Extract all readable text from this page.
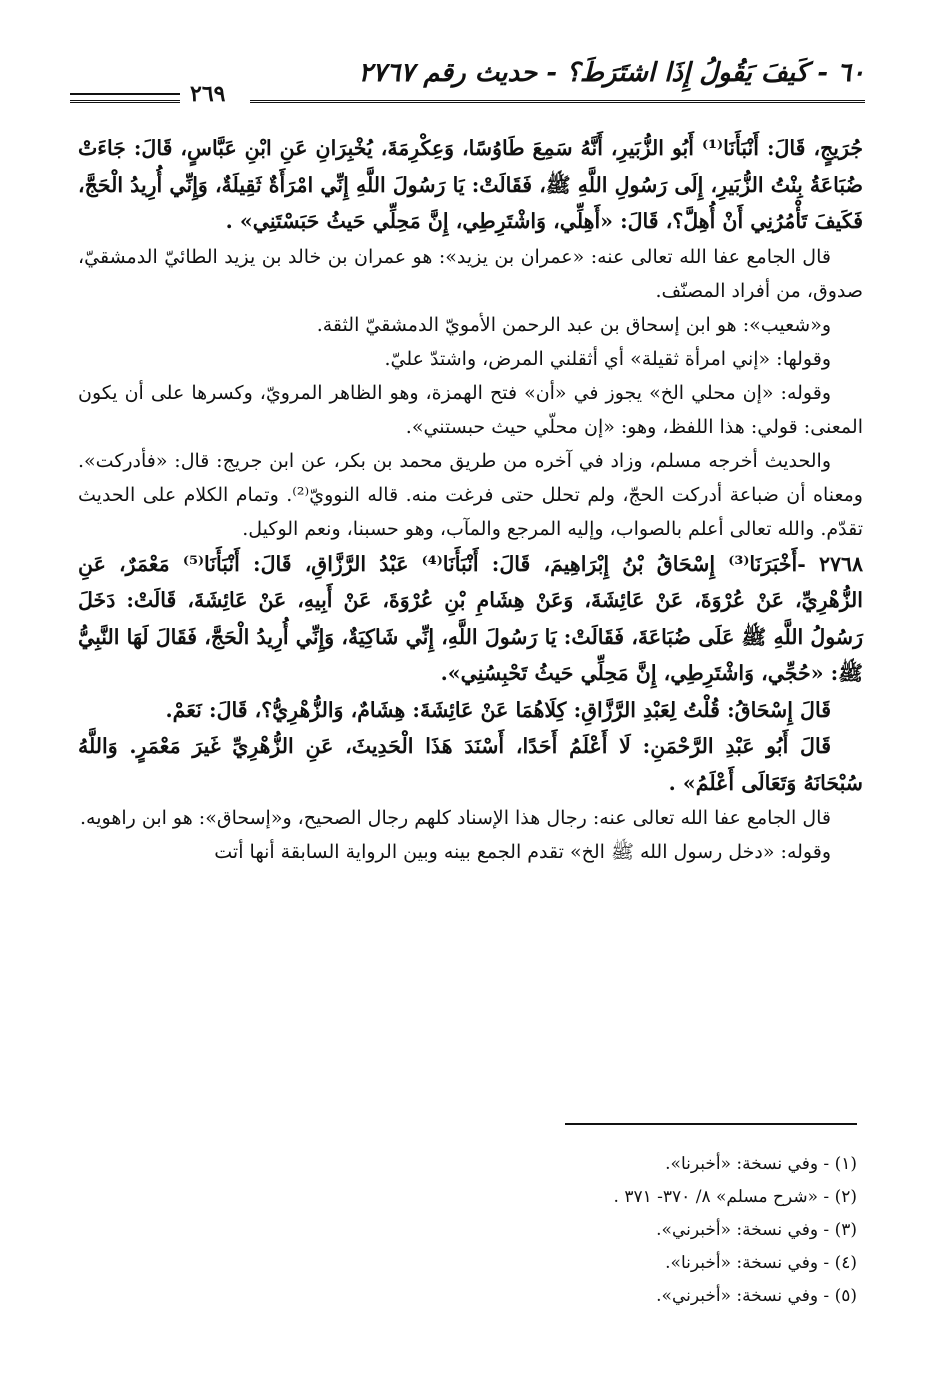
٦٠ - كَيفَ يَقُولُ إِذَا اشتَرَطَ؟ - حديث رقم ٢٧٦٧
٢٦٩

جُرَيجٍ، قَالَ: أَنْبَأَنَا⁽¹⁾ أَبُو الزُّبَيرِ، أَنَّهُ سَمِعَ طَاوُسًا، وَعِكْرِمَةَ، يُخْبِرَانِ عَنِ ابْنِ عَبَّاسٍ، قَالَ: جَاءَتْ ضُبَاعَةُ بِنْتُ الزُّبَيرِ، إِلَى رَسُولِ اللَّهِ ﷺ، فَقَالَتْ: يَا رَسُولَ اللَّهِ إِنِّي امْرَأَةٌ ثَقِيلَةٌ، وَإِنِّي أُرِيدُ الْحَجَّ، فَكَيفَ تَأْمُرُنِي أَنْ أُهِلَّ؟، قَالَ: «أَهِلِّي، وَاشْتَرِطِي، إِنَّ مَحِلِّي حَيثُ حَبَسْتَنِي» .

قال الجامع عفا الله تعالى عنه: «عمران بن يزيد»: هو عمران بن خالد بن يزيد الطائيّ الدمشقيّ، صدوق، من أفراد المصنّف.

و«شعيب»: هو ابن إسحاق بن عبد الرحمن الأمويّ الدمشقيّ الثقة.

وقولها: «إني امرأة ثقيلة» أي أثقلني المرض، واشتدّ عليّ.

وقوله: «إن محلي الخ» يجوز في «أن» فتح الهمزة، وهو الظاهر المرويّ، وكسرها على أن يكون المعنى: قولي: هذا اللفظ، وهو: «إن محلّي حيث حبستني».

والحديث أخرجه مسلم، وزاد في آخره من طريق محمد بن بكر، عن ابن جريج: قال: «فأدركت». ومعناه أن ضباعة أدركت الحجّ، ولم تحلل حتى فرغت منه. قاله النوويّ⁽²⁾. وتمام الكلام على الحديث تقدّم. والله تعالى أعلم بالصواب، وإليه المرجع والمآب، وهو حسبنا، ونعم الوكيل.

٢٧٦٨ -أَخْبَرَنَا⁽³⁾ إِسْحَاقُ بْنُ إِبْرَاهِيمَ، قَالَ: أَنْبَأَنَا⁽⁴⁾ عَبْدُ الرَّزَّاقِ، قَالَ: أَنْبَأَنَا⁽⁵⁾ مَعْمَرٌ، عَنِ الزُّهْرِيِّ، عَنْ عُرْوَةَ، عَنْ عَائِشَةَ، وَعَنْ هِشَامِ بْنِ عُرْوَةَ، عَنْ أَبِيهِ، عَنْ عَائِشَةَ، قَالَتْ: دَخَلَ رَسُولُ اللَّهِ ﷺ عَلَى ضُبَاعَةَ، فَقَالَتْ: يَا رَسُولَ اللَّهِ، إِنِّي شَاكِيَةٌ، وَإِنِّي أُرِيدُ الْحَجَّ، فَقَالَ لَهَا النَّبِيُّ ﷺ: «حُجِّي، وَاشْتَرِطِي، إِنَّ مَحِلِّي حَيثُ تَحْبِسُنِي».

قَالَ إِسْحَاقُ: قُلْتُ لِعَبْدِ الرَّزَّاقِ: كِلَاهُمَا عَنْ عَائِشَةَ: هِشَامٌ، وَالزُّهْرِيُّ؟، قَالَ: نَعَمْ.

قَالَ أَبُو عَبْدِ الرَّحْمَنِ: لَا أَعْلَمُ أَحَدًا، أَسْنَدَ هَذَا الْحَدِيثَ، عَنِ الزُّهْرِيِّ غَيرَ مَعْمَرٍ. وَاللَّهُ سُبْحَانَهُ وَتَعَالَى أَعْلَمُ» .

قال الجامع عفا الله تعالى عنه: رجال هذا الإسناد كلهم رجال الصحيح، و«إسحاق»: هو ابن راهويه.

وقوله: «دخل رسول الله ﷺ الخ» تقدم الجمع بينه وبين الرواية السابقة أنها أتت

(١) - وفي نسخة: «أخبرنا».

(٢) - «شرح مسلم» ٨/ ٣٧٠- ٣٧١ .

(٣) - وفي نسخة: «أخبرني».

(٤) - وفي نسخة: «أخبرنا».

(٥) - وفي نسخة: «أخبرني».
